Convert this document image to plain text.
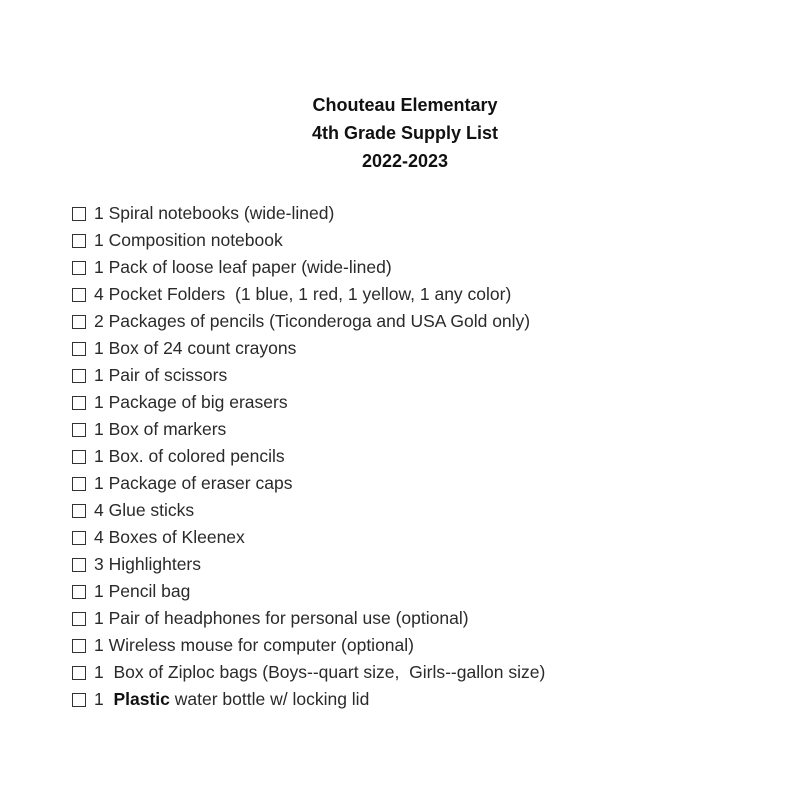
Chouteau Elementary
4th Grade Supply List
2022-2023
1 Spiral notebooks (wide-lined)
1 Composition notebook
1 Pack of loose leaf paper (wide-lined)
4 Pocket Folders  (1 blue, 1 red, 1 yellow, 1 any color)
2 Packages of pencils (Ticonderoga and USA Gold only)
1 Box of 24 count crayons
1 Pair of scissors
1 Package of big erasers
1 Box of markers
1 Box. of colored pencils
1 Package of eraser caps
4 Glue sticks
4 Boxes of Kleenex
3 Highlighters
1 Pencil bag
1 Pair of headphones for personal use (optional)
1 Wireless mouse for computer (optional)
1  Box of Ziploc bags (Boys--quart size,  Girls--gallon size)
1 Plastic water bottle w/ locking lid
